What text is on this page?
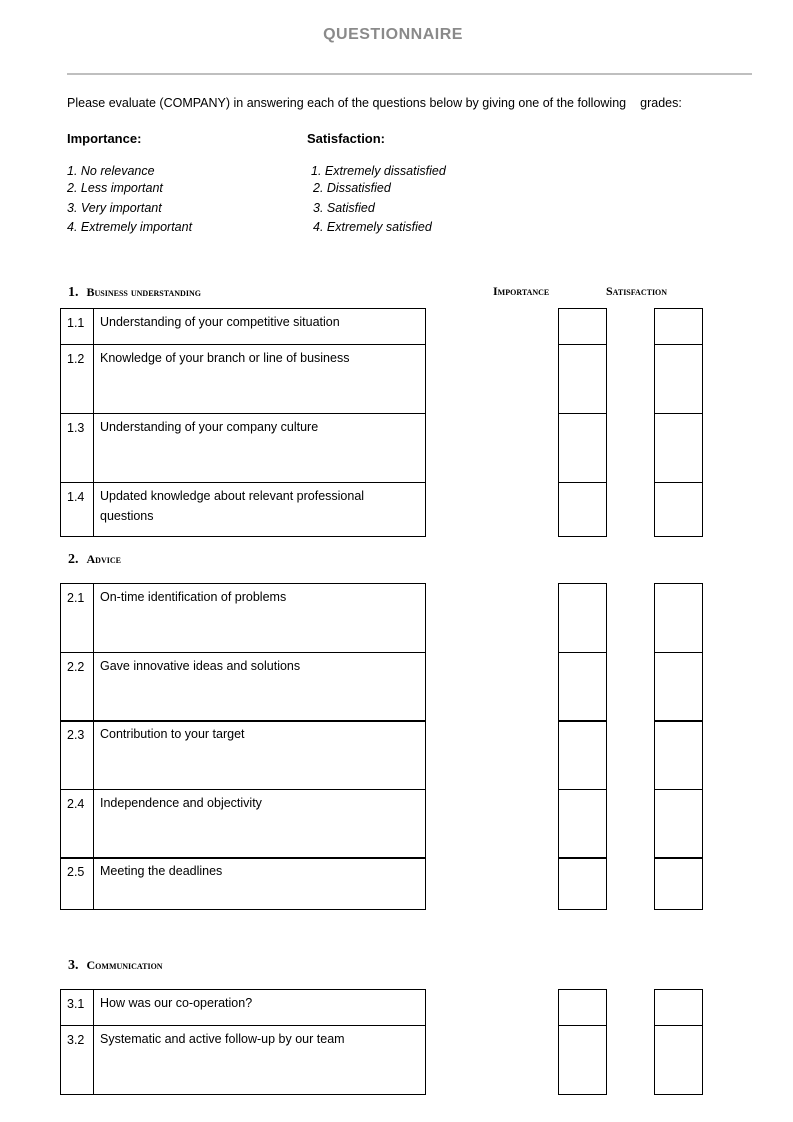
QUESTIONNAIRE
Please evaluate (COMPANY) in answering each of the questions below by giving one of the following grades:
Importance:	Satisfaction:
1. No relevance
2. Less important
3. Very important
4. Extremely important
1. Extremely dissatisfied
2. Dissatisfied
3. Satisfied
4. Extremely satisfied
1. Business understanding	Importance	Satisfaction
1.1	Understanding of your competitive situation
1.2	Knowledge of your branch or line of business
1.3	Understanding of your company culture
1.4	Updated knowledge about relevant professional questions
2. Advice
2.1	On-time identification of problems
2.2	Gave innovative ideas and solutions
2.3	Contribution to your target
2.4	Independence and objectivity
2.5	Meeting the deadlines
3. Communication
3.1	How was our co-operation?
3.2	Systematic and active follow-up by our team
